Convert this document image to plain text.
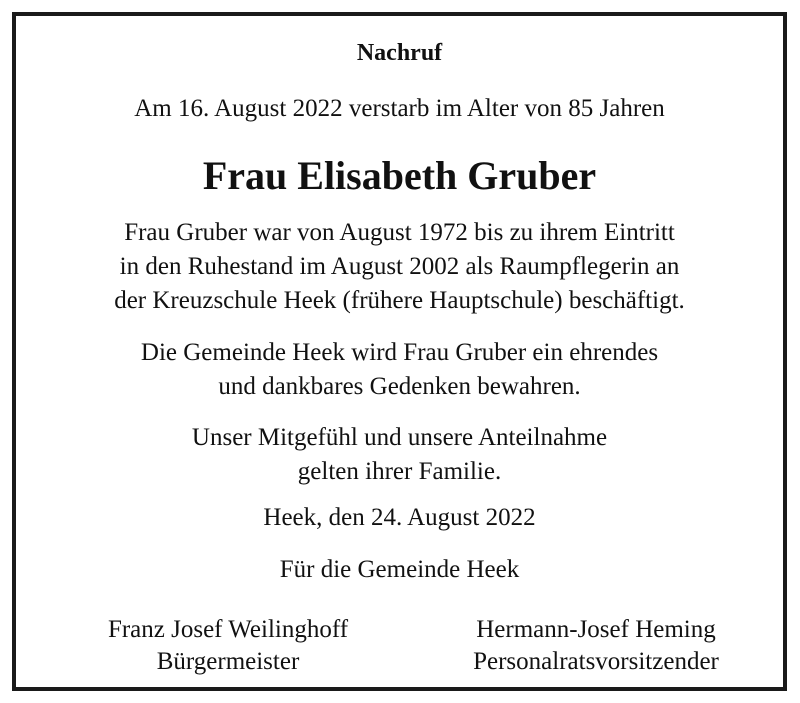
Nachruf

Am 16. August 2022 verstarb im Alter von 85 Jahren

Frau Elisabeth Gruber
Frau Gruber war von August 1972 bis zu ihrem Eintritt
in den Ruhestand im August 2002 als Raumpflegerin an
der Kreuzschule Heek (frühere Hauptschule) beschäftigt.
Die Gemeinde Heek wird Frau Gruber ein ehrendes
und dankbares Gedenken bewahren.
Unser Mitgefühl und unsere Anteilnahme
gelten ihrer Familie.

Heek, den 24. August 2022

Für die Gemeinde Heek

Franz Josef Weilinghoff
Bürgermeister
Hermann-Josef Heming
Personalratsvorsitzender
